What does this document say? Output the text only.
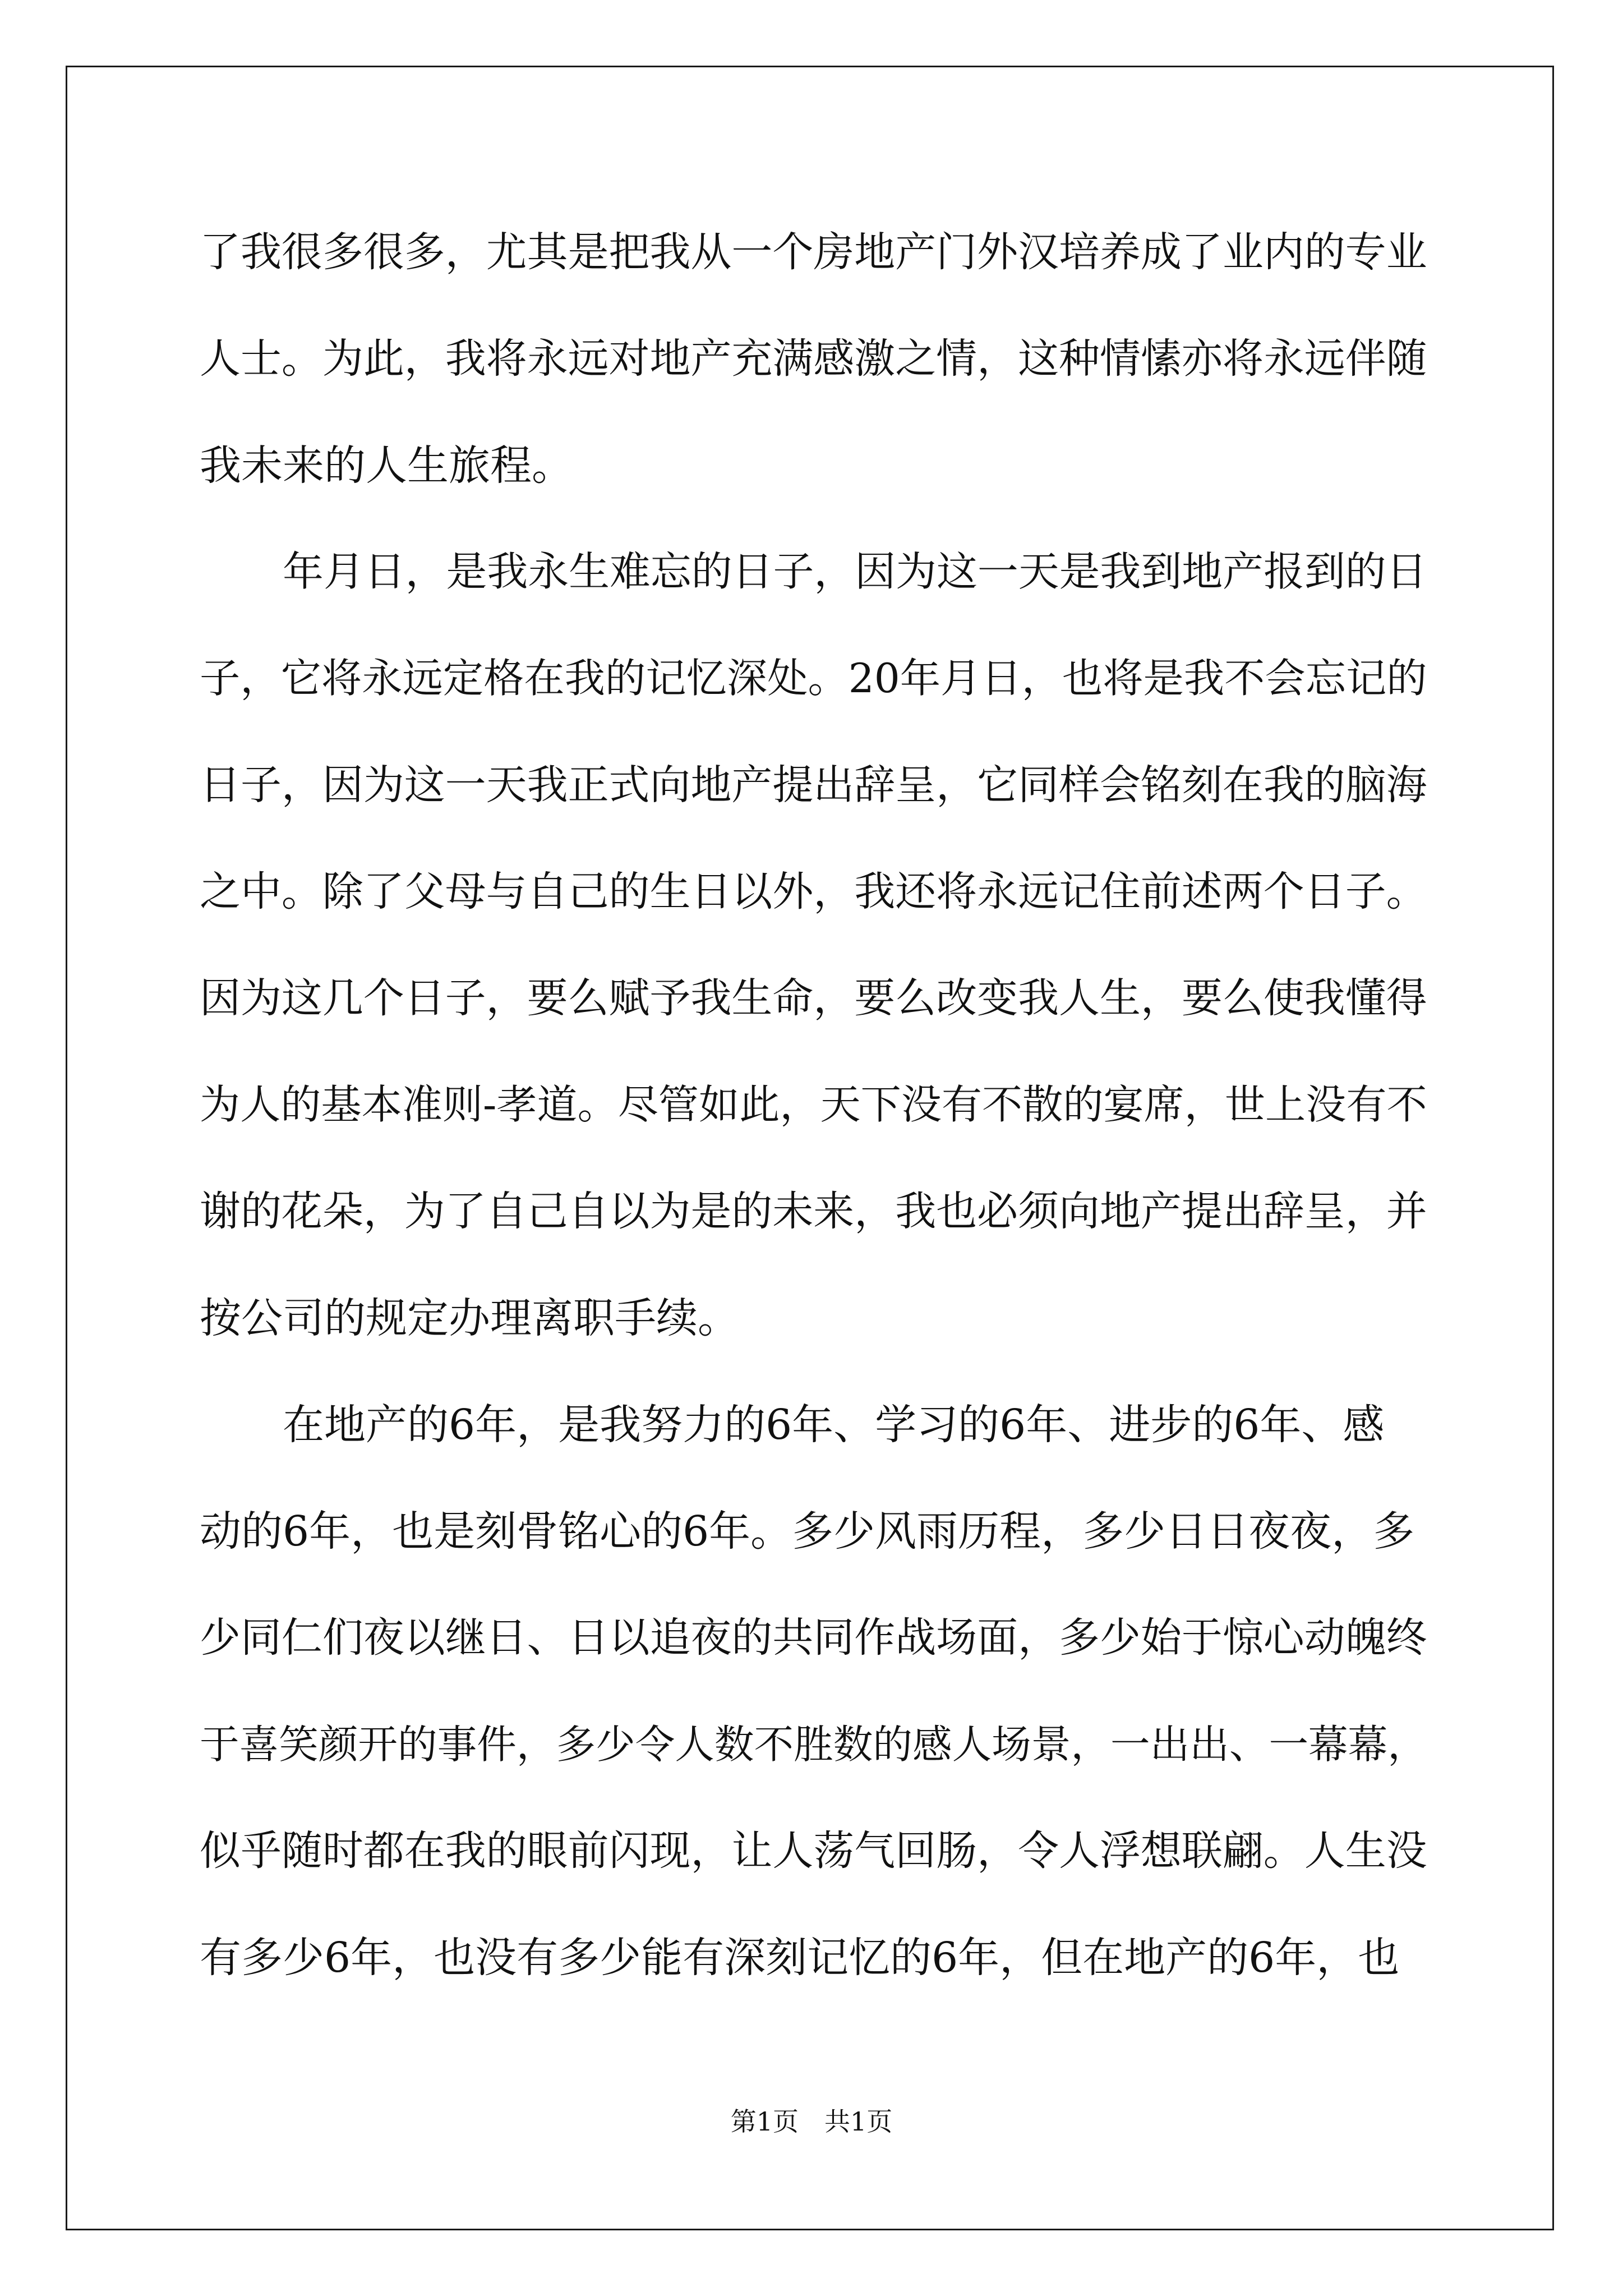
了我很多很多，尤其是把我从一个房地产门外汉培养成了业内的专业
人士。为此，我将永远对地产充满感激之情，这种情愫亦将永远伴随
我未来的人生旅程。
年月日，是我永生难忘的日子，因为这一天是我到地产报到的日
子，它将永远定格在我的记忆深处。20年月日，也将是我不会忘记的
日子，因为这一天我正式向地产提出辞呈，它同样会铭刻在我的脑海
之中。除了父母与自己的生日以外，我还将永远记住前述两个日子。
因为这几个日子，要么赋予我生命，要么改变我人生，要么使我懂得
为人的基本准则-孝道。尽管如此，天下没有不散的宴席，世上没有不
谢的花朵，为了自己自以为是的未来，我也必须向地产提出辞呈，并
按公司的规定办理离职手续。
在地产的6年，是我努力的6年、学习的6年、进步的6年、感
动的6年，也是刻骨铭心的6年。多少风雨历程，多少日日夜夜，多
少同仁们夜以继日、日以追夜的共同作战场面，多少始于惊心动魄终
于喜笑颜开的事件，多少令人数不胜数的感人场景，一出出、一幕幕，
似乎随时都在我的眼前闪现，让人荡气回肠，令人浮想联翩。人生没
有多少6年，也没有多少能有深刻记忆的6年，但在地产的6年，也
第1页　共1页
